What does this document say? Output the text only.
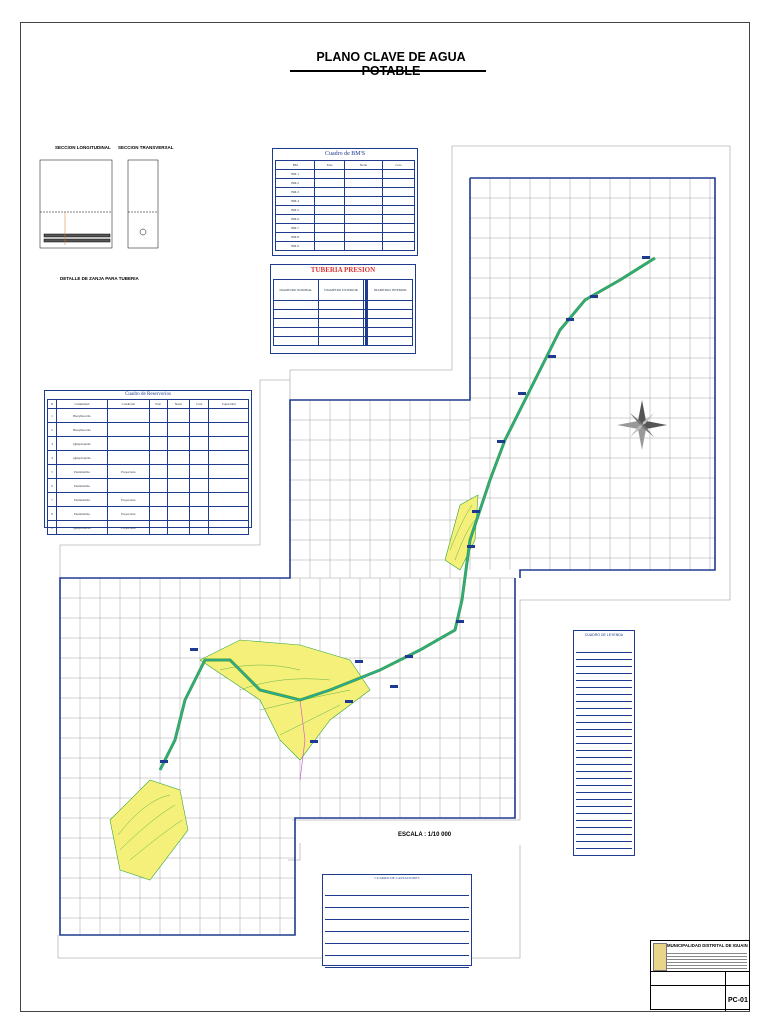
PLANO CLAVE DE AGUA
SECCION LONGITUDINAL SECCION TRANSVERSAL
DETALLE DE ZANJA PARA TUBERIA
Cuadro de BM'S
BM	Este	Norte	Cota
BM-1			
BM-2			
BM-3			
BM-4			
BM-5			
BM-6			
BM-7			
BM-8			
BM-9			
TUBERIA PRESION
DIAMETRO NOMINAL	DIAMETRO EXTERIOR				DIAMETRO INTERIOR

Cuadro de Reservorios
N	Comunidad	Condicion	Este	Norte	Cota	Capacidad
1	Huayllacocha					
2	Huayllacocha					
3	Quispicancha					
4	Quispicancha					
5	Pantabamba	Proyectado				
6	Pantabamba					
7	Pantabamba	Proyectado				
8	Pantabamba	Proyectado				
9	Quispicancha	Proyectado				
CUADRO DE LEYENDA
CUADRO DE CAPTACIONES
ESCALA : 1/10 000
MUNICIPALIDAD DISTRITAL DE IGUAIN
PC-01
